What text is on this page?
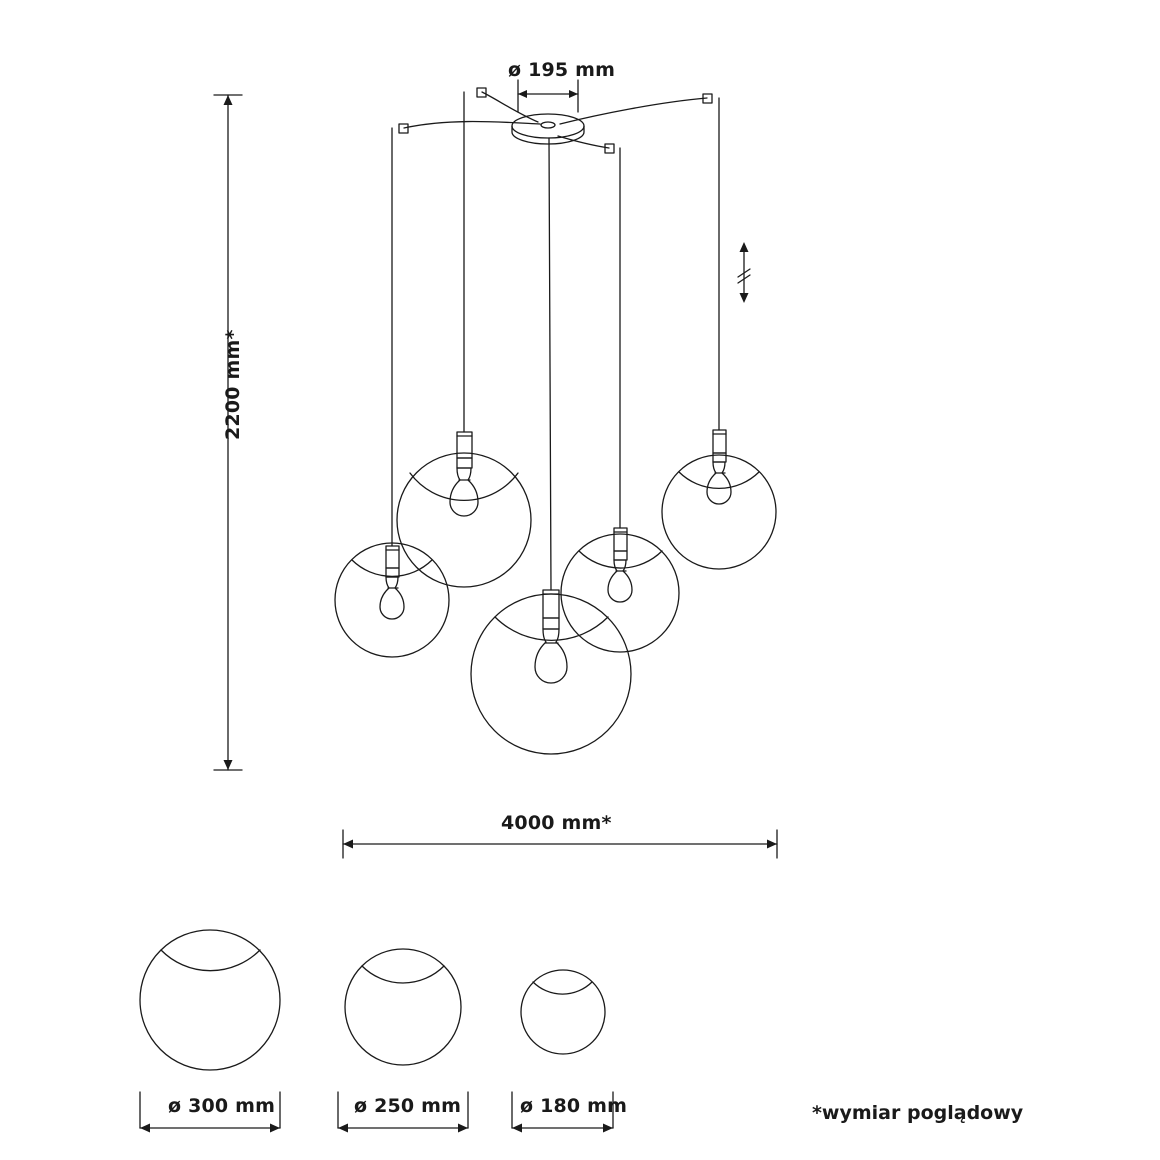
ø 195 mm
2200 mm*
4000 mm*
ø 300 mm	ø 250 mm	ø 180 mm	*wymiar poglądowy
